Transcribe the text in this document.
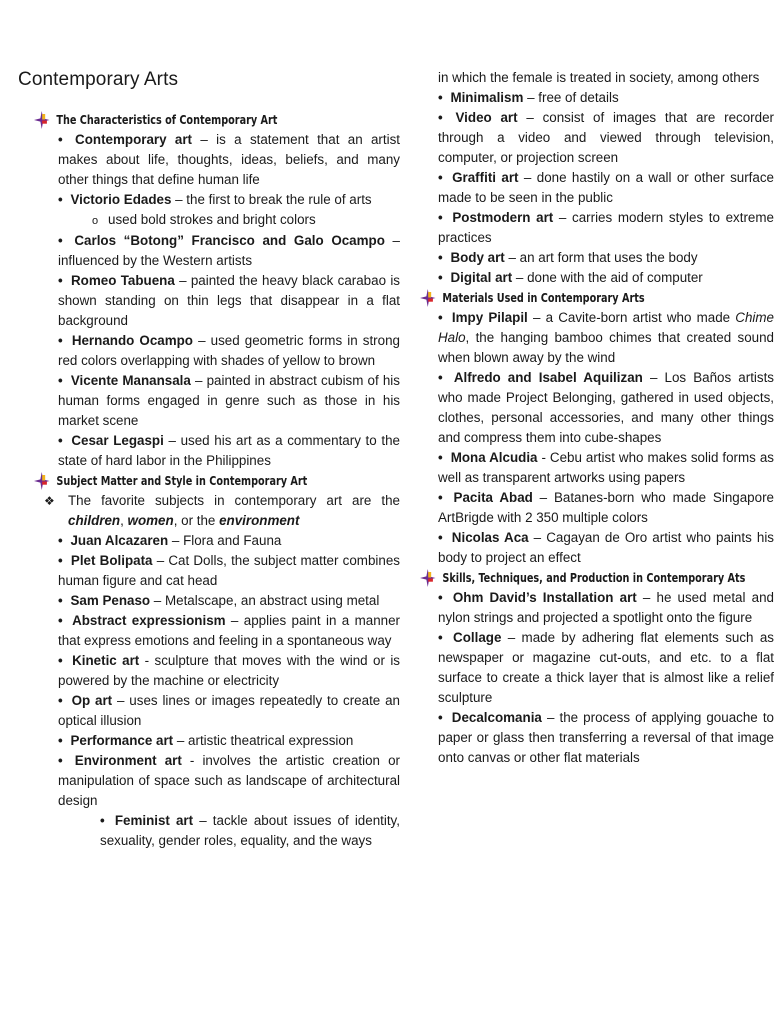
Contemporary Arts
The Characteristics of Contemporary Art
• Contemporary art – is a statement that an artist makes about life, thoughts, ideas, beliefs, and many other things that define human life
• Victorio Edades – the first to break the rule of arts
o used bold strokes and bright colors
• Carlos “Botong” Francisco and Galo Ocampo – influenced by the Western artists
• Romeo Tabuena – painted the heavy black carabao is shown standing on thin legs that disappear in a flat background
• Hernando Ocampo – used geometric forms in strong red colors overlapping with shades of yellow to brown
• Vicente Manansala – painted in abstract cubism of his human forms engaged in genre such as those in his market scene
• Cesar Legaspi – used his art as a commentary to the state of hard labor in the Philippines
Subject Matter and Style in Contemporary Art
❖ The favorite subjects in contemporary art are the children, women, or the environment
• Juan Alcazaren – Flora and Fauna
• Plet Bolipata – Cat Dolls, the subject matter combines human figure and cat head
• Sam Penaso – Metalscape, an abstract using metal
• Abstract expressionism – applies paint in a manner that express emotions and feeling in a spontaneous way
• Kinetic art - sculpture that moves with the wind or is powered by the machine or electricity
• Op art – uses lines or images repeatedly to create an optical illusion
• Performance art – artistic theatrical expression
• Environment art - involves the artistic creation or manipulation of space such as landscape of architectural design
• Feminist art – tackle about issues of identity, sexuality, gender roles, equality, and the ways
in which the female is treated in society, among others
• Minimalism – free of details
• Video art – consist of images that are recorder through a video and viewed through television, computer, or projection screen
• Graffiti art – done hastily on a wall or other surface made to be seen in the public
• Postmodern art – carries modern styles to extreme practices
• Body art – an art form that uses the body
• Digital art – done with the aid of computer
Materials Used in Contemporary Arts
• Impy Pilapil – a Cavite-born artist who made Chime Halo, the hanging bamboo chimes that created sound when blown away by the wind
• Alfredo and Isabel Aquilizan – Los Baños artists who made Project Belonging, gathered in used objects, clothes, personal accessories, and many other things and compress them into cube-shapes
• Mona Alcudia - Cebu artist who makes solid forms as well as transparent artworks using papers
• Pacita Abad – Batanes-born who made Singapore ArtBrigde with 2 350 multiple colors
• Nicolas Aca – Cagayan de Oro artist who paints his body to project an effect
Skills, Techniques, and Production in Contemporary Ats
• Ohm David’s Installation art – he used metal and nylon strings and projected a spotlight onto the figure
• Collage – made by adhering flat elements such as newspaper or magazine cut-outs, and etc. to a flat surface to create a thick layer that is almost like a relief sculpture
• Decalcomania – the process of applying gouache to paper or glass then transferring a reversal of that image onto canvas or other flat materials
